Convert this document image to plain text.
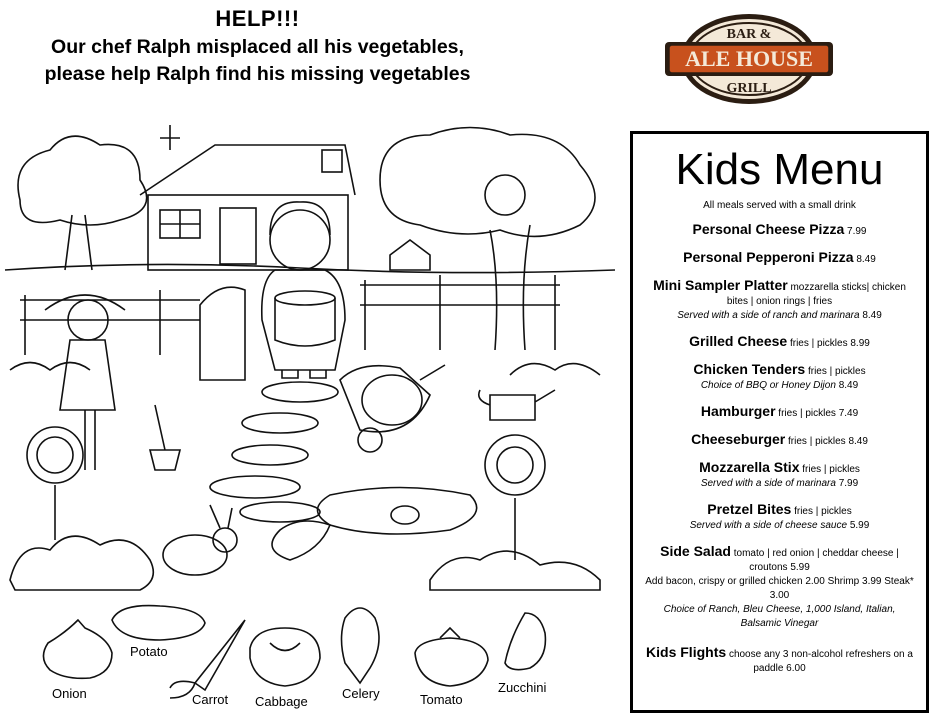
HELP!!!

Our chef Ralph misplaced all his vegetables,

please help Ralph find his missing vegetables

ALE HOUSE
BAR &
GRILL
Onion
Potato
Carrot Cabbage
Celery	Tomato
Zucchini
Kids Menu
All meals served with a small drink
Personal Cheese Pizza 7.99
Personal Pepperoni Pizza 8.49
Mini Sampler Platter mozzarella sticks| chicken bites | onion rings | fries
Served with a side of ranch and marinara 8.49
Grilled Cheese fries | pickles 8.99
Chicken Tenders fries | pickles
Choice of BBQ or Honey Dijon 8.49
Hamburger fries | pickles 7.49
Cheeseburger fries | pickles 8.49
Mozzarella Stix fries | pickles
Served with a side of marinara 7.99
Pretzel Bites fries | pickles
Served with a side of cheese sauce 5.99
Side Salad tomato | red onion | cheddar cheese | croutons 5.99
Add bacon, crispy or grilled chicken 2.00 Shrimp 3.99 Steak* 3.00
Choice of Ranch, Bleu Cheese, 1,000 Island, Italian, Balsamic Vinegar
Kids Flights choose any 3 non-alcohol refreshers on a paddle 6.00
